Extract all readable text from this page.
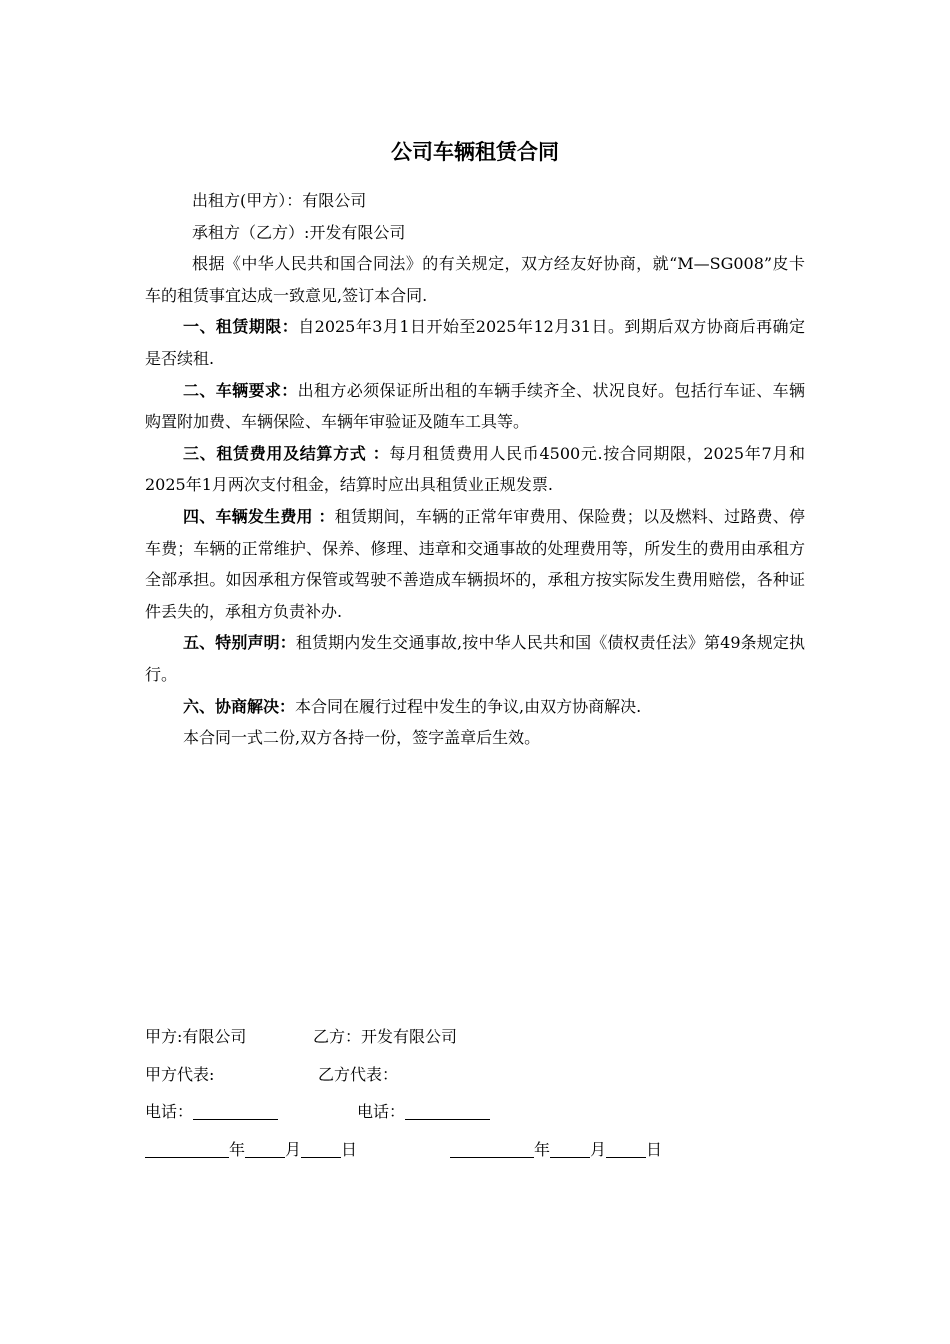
公司车辆租赁合同

出租方(甲方）：有限公司

承租方（乙方）:开发有限公司

根据《中华人民共和国合同法》的有关规定，双方经友好协商，就“M—SG008”皮卡车的租赁事宜达成一致意见,签订本合同.

一、租赁期限：自2025年3月1日开始至2025年12月31日。到期后双方协商后再确定是否续租.

二、车辆要求：出租方必须保证所出租的车辆手续齐全、状况良好。包括行车证、车辆购置附加费、车辆保险、车辆年审验证及随车工具等。

三、租赁费用及结算方式 ：每月租赁费用人民币4500元.按合同期限，2025年7月和2025年1月两次支付租金，结算时应出具租赁业正规发票.

四、车辆发生费用 ：租赁期间，车辆的正常年审费用、保险费；以及燃料、过路费、停车费；车辆的正常维护、保养、修理、违章和交通事故的处理费用等，所发生的费用由承租方全部承担。如因承租方保管或驾驶不善造成车辆损坏的，承租方按实际发生费用赔偿，各种证件丢失的，承租方负责补办.

五、特别声明：租赁期内发生交通事故,按中华人民共和国《债权责任法》第49条规定执行。

六、协商解决：本合同在履行过程中发生的争议,由双方协商解决.

本合同一式二份,双方各持一份，签字盖章后生效。

甲方:有限公司	乙方：开发有限公司
甲方代表:	乙方代表：
电话：	电话：
年	月	日	年	月	日
